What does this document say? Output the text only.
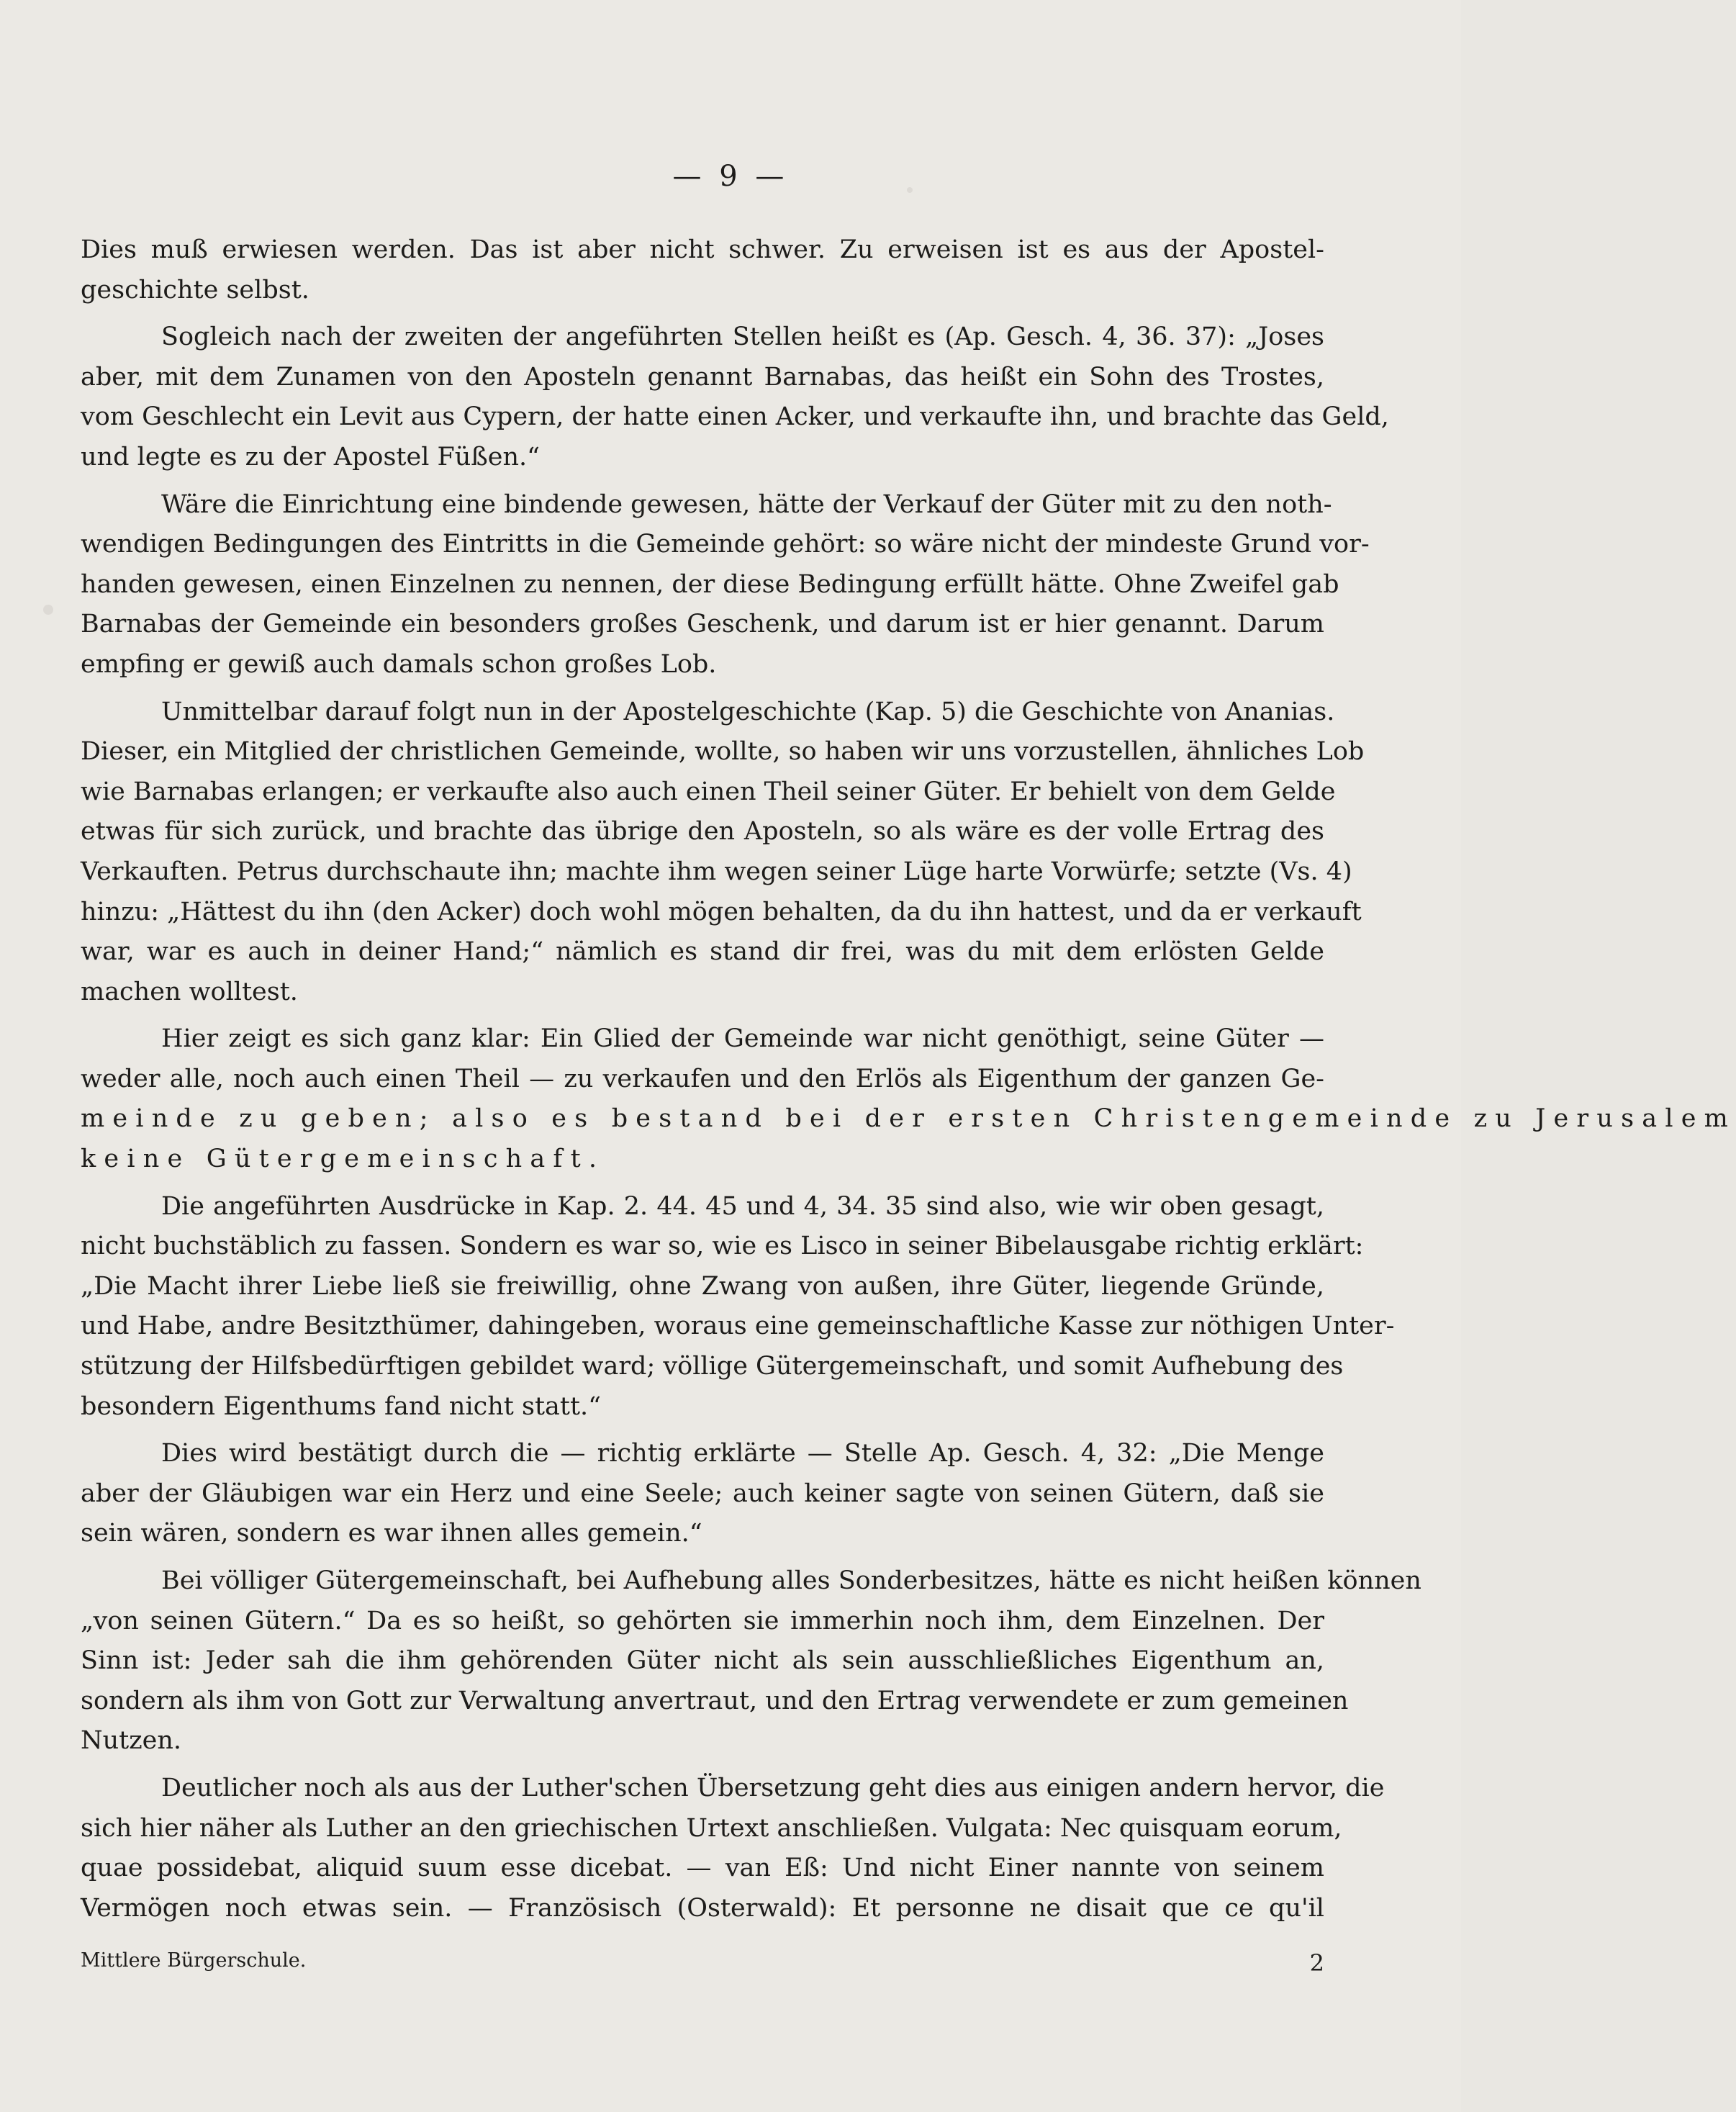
— 9 —
Dies muß erwiesen werden. Das ist aber nicht schwer. Zu erweisen ist es aus der Apostel-
geschichte selbst.
Sogleich nach der zweiten der angeführten Stellen heißt es (Ap. Gesch. 4, 36. 37): „Joses
aber, mit dem Zunamen von den Aposteln genannt Barnabas, das heißt ein Sohn des Trostes,
vom Geschlecht ein Levit aus Cypern, der hatte einen Acker, und verkaufte ihn, und brachte das Geld,
und legte es zu der Apostel Füßen.“
Wäre die Einrichtung eine bindende gewesen, hätte der Verkauf der Güter mit zu den noth-
wendigen Bedingungen des Eintritts in die Gemeinde gehört: so wäre nicht der mindeste Grund vor-
handen gewesen, einen Einzelnen zu nennen, der diese Bedingung erfüllt hätte. Ohne Zweifel gab
Barnabas der Gemeinde ein besonders großes Geschenk, und darum ist er hier genannt. Darum
empfing er gewiß auch damals schon großes Lob.
Unmittelbar darauf folgt nun in der Apostelgeschichte (Kap. 5) die Geschichte von Ananias.
Dieser, ein Mitglied der christlichen Gemeinde, wollte, so haben wir uns vorzustellen, ähnliches Lob
wie Barnabas erlangen; er verkaufte also auch einen Theil seiner Güter. Er behielt von dem Gelde
etwas für sich zurück, und brachte das übrige den Aposteln, so als wäre es der volle Ertrag des
Verkauften. Petrus durchschaute ihn; machte ihm wegen seiner Lüge harte Vorwürfe; setzte (Vs. 4)
hinzu: „Hättest du ihn (den Acker) doch wohl mögen behalten, da du ihn hattest, und da er verkauft
war, war es auch in deiner Hand;“ nämlich es stand dir frei, was du mit dem erlösten Gelde
machen wolltest.
Hier zeigt es sich ganz klar: Ein Glied der Gemeinde war nicht genöthigt, seine Güter —
weder alle, noch auch einen Theil — zu verkaufen und den Erlös als Eigenthum der ganzen Ge-
meinde zu geben; also es bestand bei der ersten Christengemeinde zu Jerusalem
keine Gütergemeinschaft.
Die angeführten Ausdrücke in Kap. 2. 44. 45 und 4, 34. 35 sind also, wie wir oben gesagt,
nicht buchstäblich zu fassen. Sondern es war so, wie es Lisco in seiner Bibelausgabe richtig erklärt:
„Die Macht ihrer Liebe ließ sie freiwillig, ohne Zwang von außen, ihre Güter, liegende Gründe,
und Habe, andre Besitzthümer, dahingeben, woraus eine gemeinschaftliche Kasse zur nöthigen Unter-
stützung der Hilfsbedürftigen gebildet ward; völlige Gütergemeinschaft, und somit Aufhebung des
besondern Eigenthums fand nicht statt.“
Dies wird bestätigt durch die — richtig erklärte — Stelle Ap. Gesch. 4, 32: „Die Menge
aber der Gläubigen war ein Herz und eine Seele; auch keiner sagte von seinen Gütern, daß sie
sein wären, sondern es war ihnen alles gemein.“
Bei völliger Gütergemeinschaft, bei Aufhebung alles Sonderbesitzes, hätte es nicht heißen können
„von seinen Gütern.“ Da es so heißt, so gehörten sie immerhin noch ihm, dem Einzelnen. Der
Sinn ist: Jeder sah die ihm gehörenden Güter nicht als sein ausschließliches Eigenthum an,
sondern als ihm von Gott zur Verwaltung anvertraut, und den Ertrag verwendete er zum gemeinen
Nutzen.
Deutlicher noch als aus der Luther'schen Übersetzung geht dies aus einigen andern hervor, die
sich hier näher als Luther an den griechischen Urtext anschließen. Vulgata: Nec quisquam eorum,
quae possidebat, aliquid suum esse dicebat. — van Eß: Und nicht Einer nannte von seinem
Vermögen noch etwas sein. — Französisch (Osterwald): Et personne ne disait que ce qu'il
Mittlere Bürgerschule.	2
